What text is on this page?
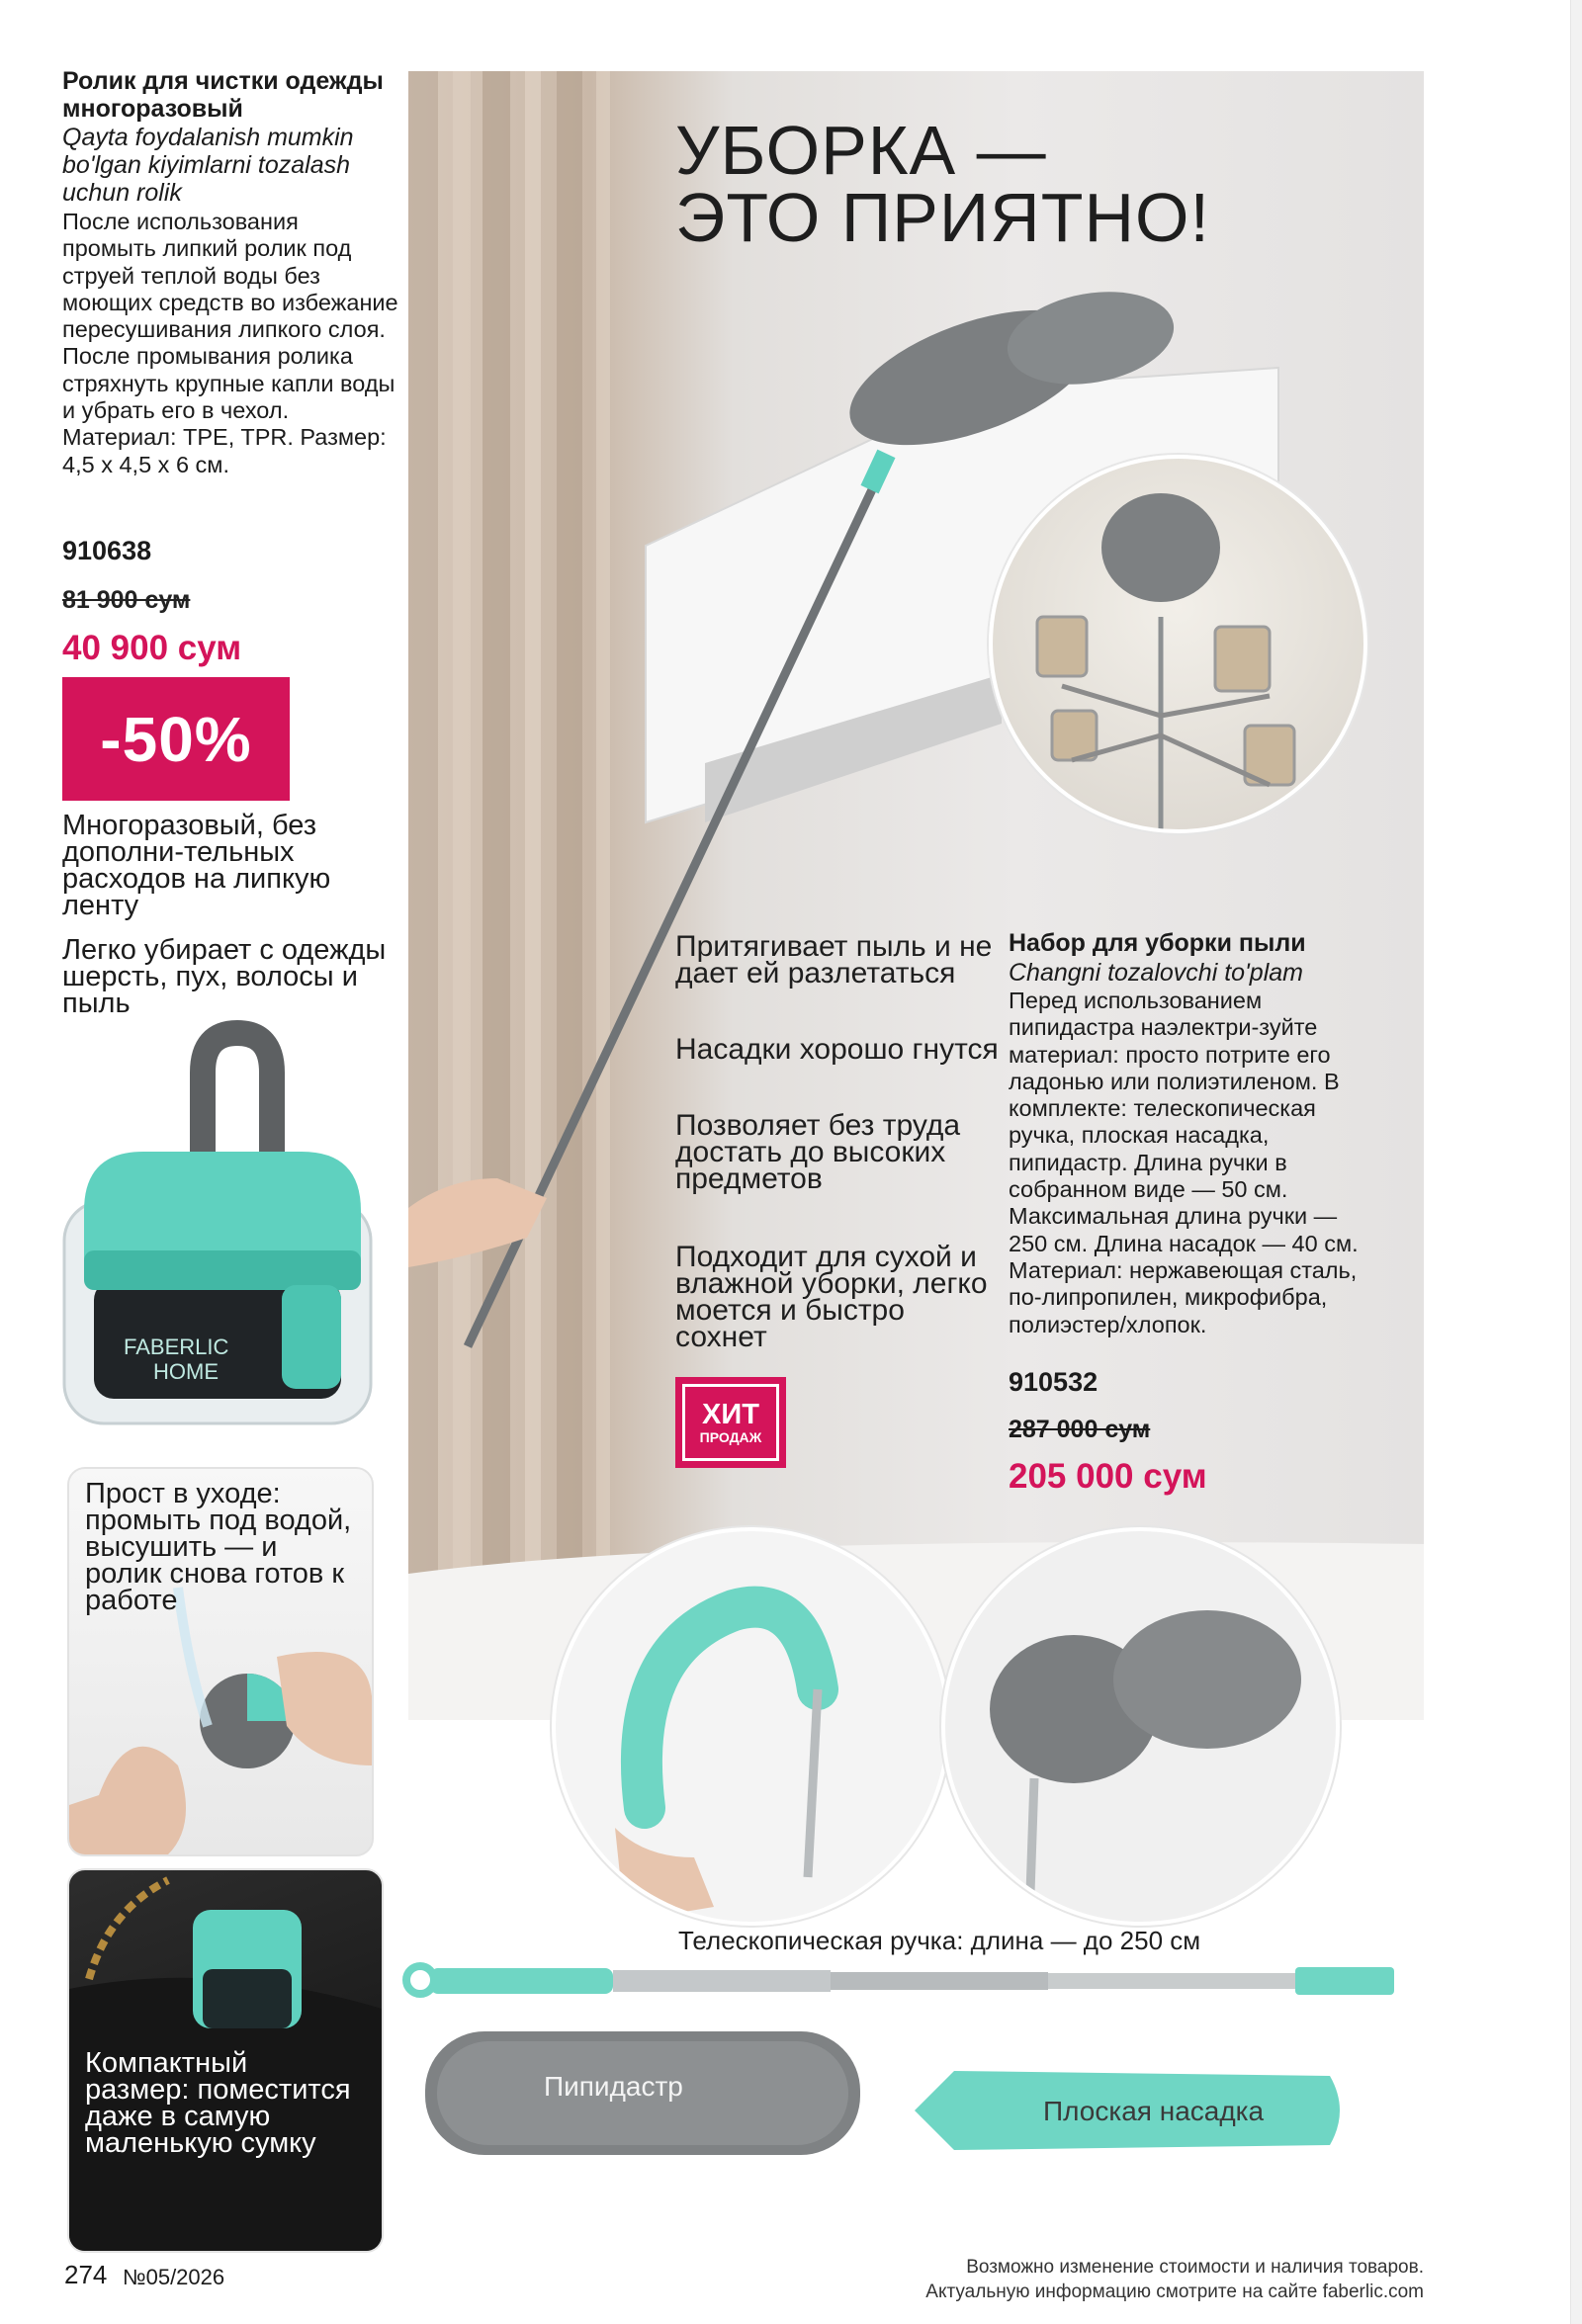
Ролик для чистки одежды многоразовый
Qayta foydalanish mumkin bo'lgan kiyimlarni tozalash uchun rolik
После использования промыть липкий ролик под струей теплой воды без моющих средств во избежание пересушивания липкого слоя. После промывания ролика стряхнуть крупные капли воды и убрать его в чехол. Материал: TPE, TPR. Размер: 4,5 х 4,5 х 6 см.
910638
81 900 сум
40 900 сум
-50%
Многоразовый, без дополни-тельных расходов на липкую ленту
Легко убирает с одежды шерсть, пух, волосы и пыль
FABERLIC
HOME
Прост в уходе: промыть под водой, высушить — и ролик снова готов к работе
Компактный размер: поместится даже в самую маленькую сумку
УБОРКА —
ЭТО ПРИЯТНО!
Притягивает пыль и не дает ей разлетаться
Насадки хорошо гнутся
Позволяет без труда достать до высоких предметов
Подходит для сухой и влажной уборки, легко моется и быстро сохнет
ХИТ
ПРОДАЖ
Набор для уборки пыли
Changni tozalovchi to'plam
Перед использованием пипидастра наэлектри-зуйте материал: просто потрите его ладонью или полиэтиленом. В комплекте: телескопическая ручка, плоская насадка, пипидастр. Длина ручки в собранном виде — 50 см. Максимальная длина ручки — 250 см. Длина насадок — 40 см. Материал: нержавеющая сталь, по-липропилен, микрофибра, полиэстер/хлопок.
910532
287 000 сум
205 000 сум
Телескопическая ручка: длина — до 250 см
Пипидастр
Плоская насадка
274 №05/2026	Возможно изменение стоимости и наличия товаров.
Актуальную информацию смотрите на сайте faberlic.com
